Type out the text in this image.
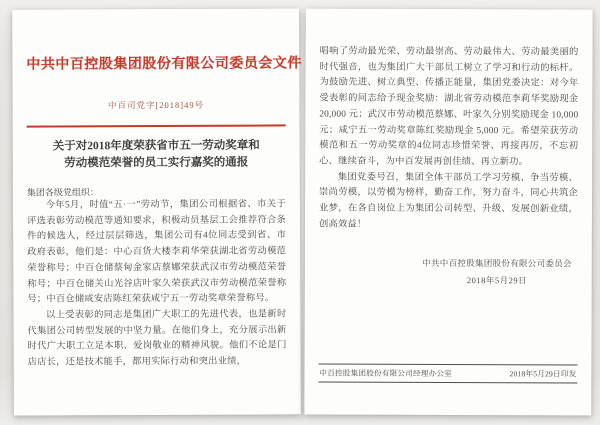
中共中百控股集团股份有限公司委员会文件
中百司党字[2018]49号
关于对2018年度荣获省市五一劳动奖章和
劳动模范荣誉的员工实行嘉奖的通报
集团各级党组织：

今年5月，时值“五·一”劳动节，集团公司根据省、市关于评选表彰劳动模范等通知要求，积极动员基层工会推荐符合条件的候选人，经过层层筛选，集团公司有4位同志受到省、市政府表彰，他们是：中心百货大楼李莉华荣获湖北省劳动模范荣誉称号；中百仓储蔡甸金家店蔡娜荣获武汉市劳动模范荣誉称号；中百仓储关山光谷店叶家久荣获武汉市劳动模范荣誉称号；中百仓储咸安店陈红荣获咸宁五一劳动奖章荣誉称号。

以上受表彰的同志是集团广大职工的先进代表，也是新时代集团公司转型发展的中坚力量。在他们身上，充分展示出新时代广大职工立足本职、爱岗敬业的精神风貌。他们不论是门店店长，还是技术能手，都用实际行动和突出业绩，

唱响了劳动最光荣、劳动最崇高、劳动最伟大、劳动最美丽的时代强音，也为集团广大干部员工树立了学习和行动的标杆。为鼓励先进、树立典型、传播正能量，集团党委决定：对今年受表彰的同志给予现金奖励：湖北省劳动模范李莉华奖励现金 20,000 元；武汉市劳动模范蔡娜、叶家久分别奖励现金 10,000 元；咸宁五一劳动奖章陈红奖励现金 5,000 元。希望荣获劳动模范和五一劳动奖章的4位同志珍惜荣誉、再接再厉，不忘初心、继续奋斗，为中百发展再创佳绩、再立新功。

集团党委号召，集团全体干部员工学习劳模、争当劳模、崇尚劳模，以劳模为榜样，勤奋工作，努力奋斗，同心共筑企业梦，在各自岗位上为集团公司转型、升级、发展创新业绩，创高效益！

中共中百控股集团股份有限公司委员会
2018年5月29日
中百控股集团股份有限公司经理办公室	2018年5月29日印发
